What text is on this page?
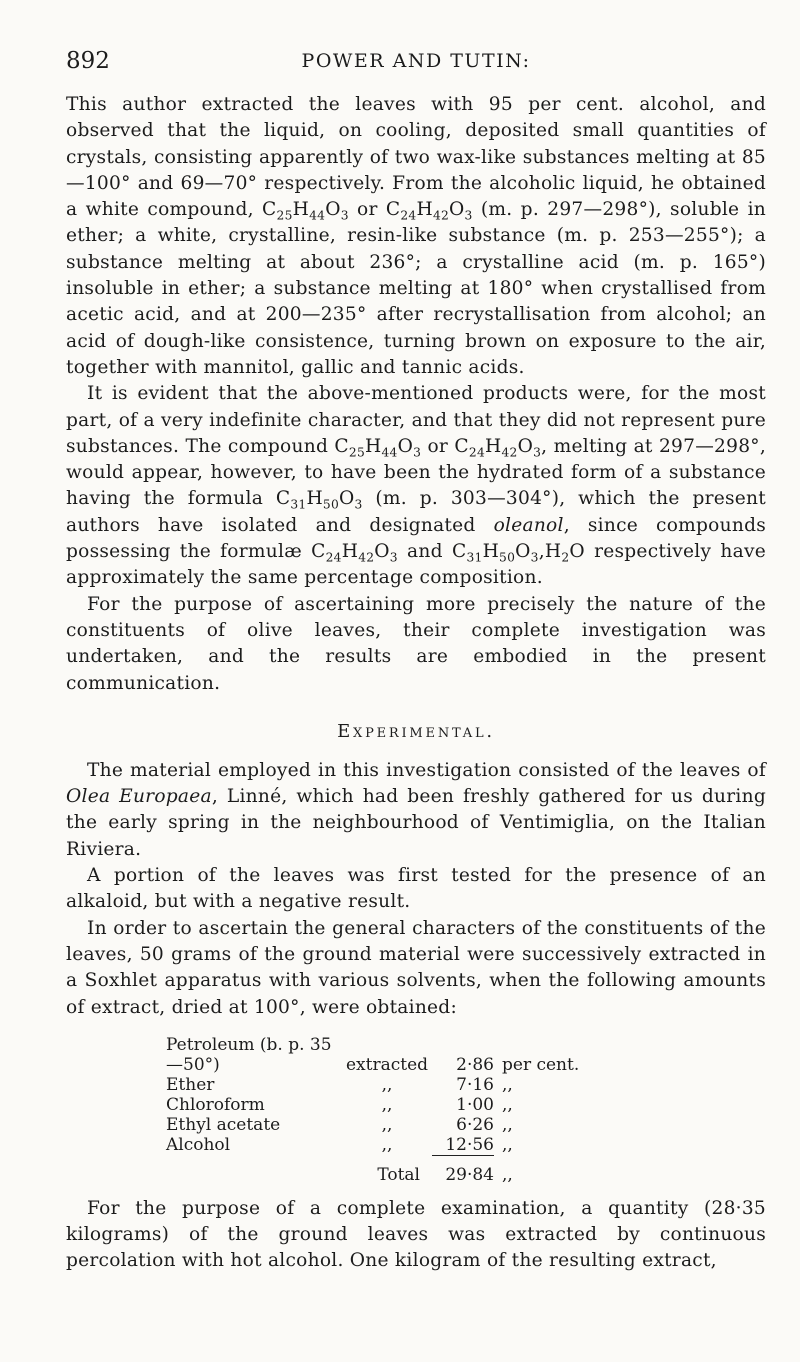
892	POWER AND TUTIN:

This author extracted the leaves with 95 per cent. alcohol, and observed that the liquid, on cooling, deposited small quantities of crystals, consisting apparently of two wax-like substances melting at 85—100° and 69—70° respectively. From the alcoholic liquid, he obtained a white compound, $C_{25}H_{44}O_3$ or $C_{24}H_{42}O_3$ (m. p. 297—298°), soluble in ether; a white, crystalline, resin-like substance (m. p. 253—255°); a substance melting at about 236°; a crystalline acid (m. p. 165°) insoluble in ether; a substance melting at 180° when crystallised from acetic acid, and at 200—235° after recrystallisation from alcohol; an acid of dough-like consistence, turning brown on exposure to the air, together with mannitol, gallic and tannic acids.

It is evident that the above-mentioned products were, for the most part, of a very indefinite character, and that they did not represent pure substances. The compound $C_{25}H_{44}O_3$ or $C_{24}H_{42}O_3$, melting at 297—298°, would appear, however, to have been the hydrated form of a substance having the formula $C_{31}H_{50}O_3$ (m. p. 303—304°), which the present authors have isolated and designated oleanol, since compounds possessing the formulæ $C_{24}H_{42}O_3$ and $C_{31}H_{50}O_3,H_2O$ respectively have approximately the same percentage composition.

For the purpose of ascertaining more precisely the nature of the constituents of olive leaves, their complete investigation was undertaken, and the results are embodied in the present communication.

Experimental.

The material employed in this investigation consisted of the leaves of Olea Europaea, Linné, which had been freshly gathered for us during the early spring in the neighbourhood of Ventimiglia, on the Italian Riviera.

A portion of the leaves was first tested for the presence of an alkaloid, but with a negative result.

In order to ascertain the general characters of the constituents of the leaves, 50 grams of the ground material were successively extracted in a Soxhlet apparatus with various solvents, when the following amounts of extract, dried at 100°, were obtained:

Petroleum (b. p. 35—50°)	extracted	2·86	per cent.
Ether	,,	7·16	,,
Chloroform	,,	1·00	,,
Ethyl acetate	,,	6·26	,,
Alcohol	,,	12·56	,,
	Total	29·84	,,

For the purpose of a complete examination, a quantity (28·35 kilograms) of the ground leaves was extracted by continuous percolation with hot alcohol. One kilogram of the resulting extract,
